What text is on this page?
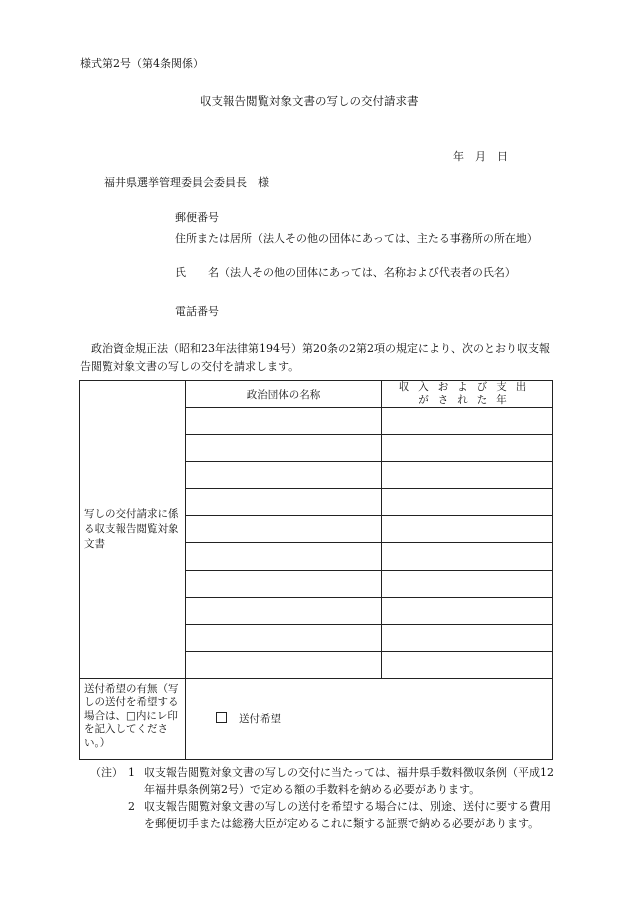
様式第2号（第4条関係）
収支報告閲覧対象文書の写しの交付請求書
年　月　日
福井県選挙管理委員会委員長　様
郵便番号
住所または居所（法人その他の団体にあっては、主たる事務所の所在地）
氏　　名（法人その他の団体にあっては、名称および代表者の氏名）
電話番号
政治資金規正法（昭和23年法律第194号）第20条の2第2項の規定により、次のとおり収支報告閲覧対象文書の写しの交付を請求します。
写しの交付請求に係る収支報告閲覧対象文書	政治団体の名称	収入および支出
がされた年

送付希望の有無（写しの送付を希望する場合は、□内にレ印を記入してください。）	送付希望	
（注） 1 収支報告閲覧対象文書の写しの交付に当たっては、福井県手数料徴収条例（平成12年福井県条例第2号）で定める額の手数料を納める必要があります。
2 収支報告閲覧対象文書の写しの送付を希望する場合には、別途、送付に要する費用を郵便切手または総務大臣が定めるこれに類する証票で納める必要があります。
